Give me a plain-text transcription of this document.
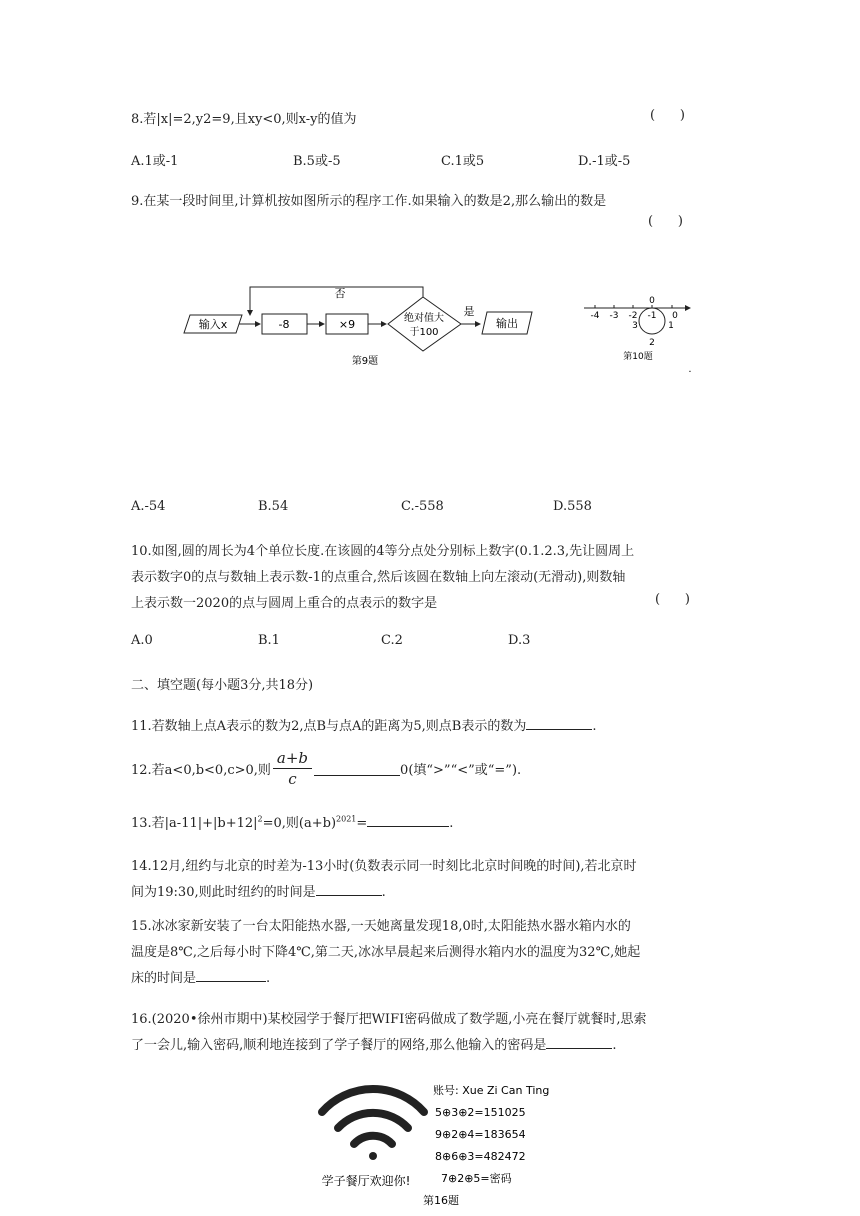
8.若|x|=2,y2=9,且xy<0,则x-y的值为	(      )
A.1或-1	B.5或-5	C.1或5	D.-1或-5
9.在某一段时间里,计算机按如图所示的程序工作.如果输入的数是2,那么输出的数是
(      )
输入x	-8	×9	绝对值大
于100
是
输出
否
第9题
-4 -3 -2 -1 0
0
1
2
3
第10题
.
A.-54	B.54	C.-558	D.558
10.如图,圆的周长为4个单位长度.在该圆的4等分点处分别标上数字(0.1.2.3,先让圆周上
表示数字0的点与数轴上表示数-1的点重合,然后该圆在数轴上向左滚动(无滑动),则数轴
上表示数一2020的点与圆周上重合的点表示的数字是	(      )
A.0	B.1	C.2	D.3
二、填空题(每小题3分,共18分)
11.若数轴上点A表示的数为2,点B与点A的距离为5,则点B表示的数为	.
12.若a<0,b<0,c>0,则 $\frac{a+b}{c}$	0(填“>”“<”或“=”).
13.若$|a-11|+|b+12|^2=0$,则$(a+b)^{2021}=$	.
14.12月,纽约与北京的时差为-13小时(负数表示同一时刻比北京时间晚的时间),若北京时
间为19:30,则此时纽约的时间是	.
15.冰冰家新安装了一台太阳能热水器,一天她离量发现18,0时,太阳能热水器水箱内水的
温度是8℃,之后每小时下降4℃,第二天,冰冰早晨起来后测得水箱内水的温度为32℃,她起
床的时间是	.
16.(2020•徐州市期中)某校园学于餐厅把WIFI密码做成了数学题,小亮在餐厅就餐时,思索
了一会儿,输入密码,顺利地连接到了学子餐厅的网络,那么他输入的密码是	.
学子餐厅欢迎你!
账号: Xue Zi Can Ting
5⊕3⊕2=151025
9⊕2⊕4=183654
8⊕6⊕3=482472
7⊕2⊕5=密码
第16题
